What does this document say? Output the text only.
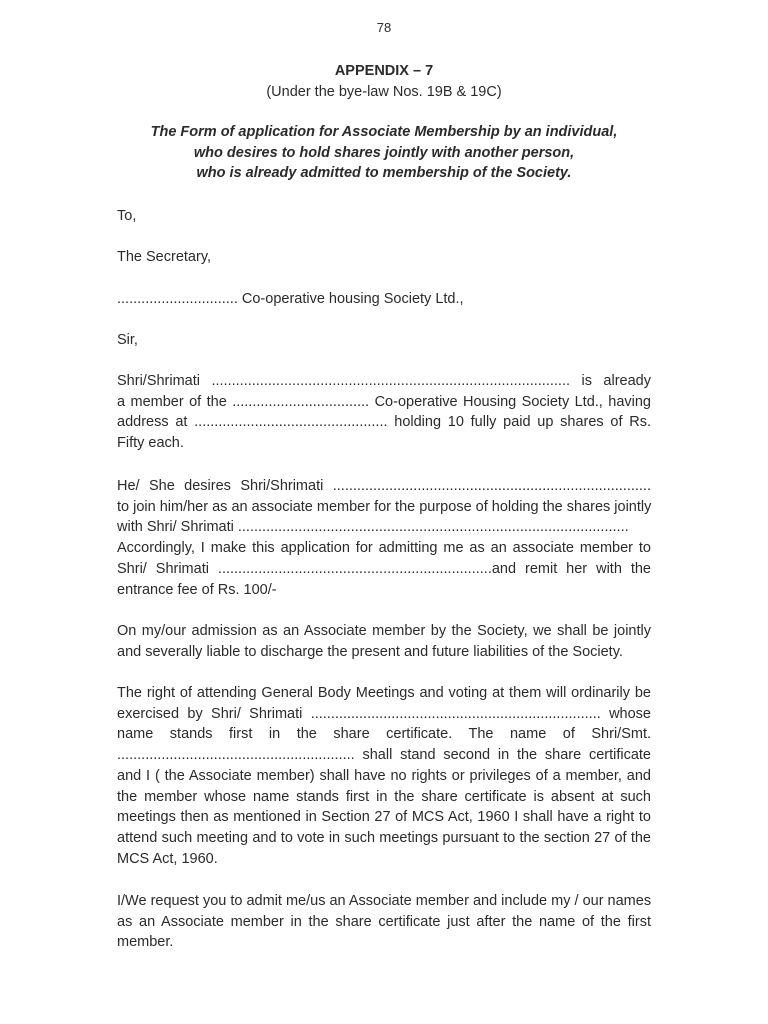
78
APPENDIX – 7
(Under the bye-law Nos. 19B & 19C)
The Form of application for Associate Membership by an individual,
who desires to hold shares jointly with another person,
who is already admitted to membership of the Society.
To,
The Secretary,
.............................. Co-operative housing Society Ltd.,
Sir,
Shri/Shrimati ......................................................................................... is already
a member of the .................................. Co-operative Housing Society Ltd., having
address at ................................................ holding 10 fully paid up shares of Rs.
Fifty each.
He/ She desires Shri/Shrimati ...............................................................................
to join him/her as an associate member for the purpose of holding the shares jointly
with Shri/ Shrimati .................................................................................................
Accordingly, I make this application for admitting me as an associate member to
Shri/ Shrimati ....................................................................and remit her with the
entrance fee of Rs. 100/-
On my/our admission as an Associate member by the Society, we shall be jointly
and severally liable to discharge the present and future liabilities of the Society.
The right of attending General Body Meetings and voting at them will ordinarily be
exercised by Shri/ Shrimati ........................................................................ whose
name stands first in the share certificate. The name of Shri/Smt.
........................................................... shall stand second in the share certificate
and I ( the Associate member) shall have no rights or privileges of a member, and
the member whose name stands first in the share certificate is absent at such
meetings then as mentioned in Section 27 of MCS Act, 1960 I shall have a right to
attend such meeting and to vote in such meetings pursuant to the section 27 of the
MCS Act, 1960.
I/We request you to admit me/us an Associate member and include my / our names
as an Associate member in the share certificate just after the name of the first
member.
